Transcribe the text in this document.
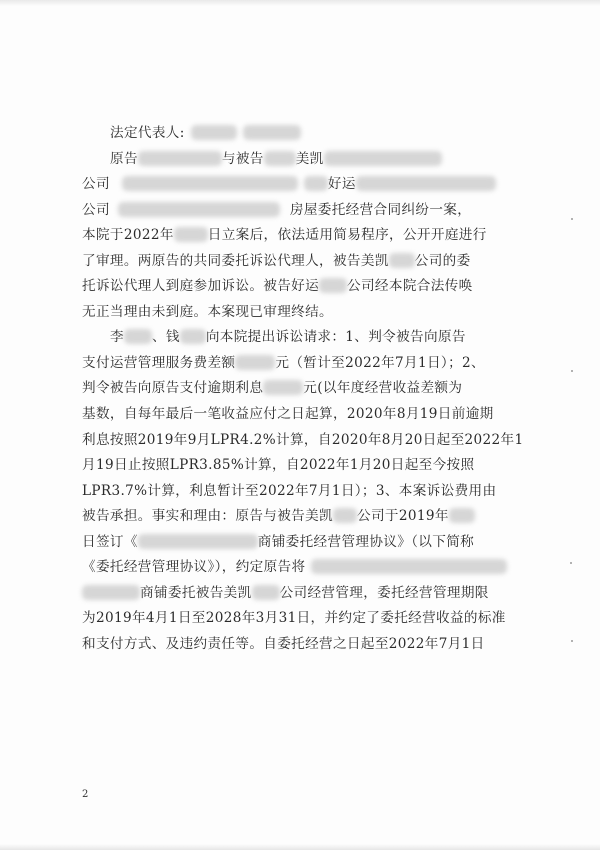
法定代表人:
原告	与被告 美凯
公司	好运
公司	房屋委托经营合同纠纷一案，
本院于2022年	日立案后，依法适用简易程序，公开开庭进行
了审理。两原告的共同委托诉讼代理人，被告美凯 公司的委
托诉讼代理人到庭参加诉讼。被告好运 公司经本院合法传唤
无正当理由未到庭。本案现已审理终结。
李 、钱 向本院提出诉讼请求：1、判令被告向原告
支付运营管理服务费差额	元（暂计至2022年7月1日）；2、
判令被告向原告支付逾期利息	元(以年度经营收益差额为
基数，自每年最后一笔收益应付之日起算，2020年8月19日前逾期
利息按照2019年9月LPR4.2%计算，自2020年8月20日起至2022年1
月19日止按照LPR3.85%计算，自2022年1月20日起至今按照
LPR3.7%计算，利息暂计至2022年7月1日）；3、本案诉讼费用由
被告承担。事实和理由：原告与被告美凯 公司于2019年
日签订《	商铺委托经营管理协议》（以下简称
《委托经营管理协议》），约定原告将
商铺委托被告美凯 公司经营管理，委托经营管理期限
为2019年4月1日至2028年3月31日，并约定了委托经营收益的标准
和支付方式、及违约责任等。自委托经营之日起至2022年7月1日
2
